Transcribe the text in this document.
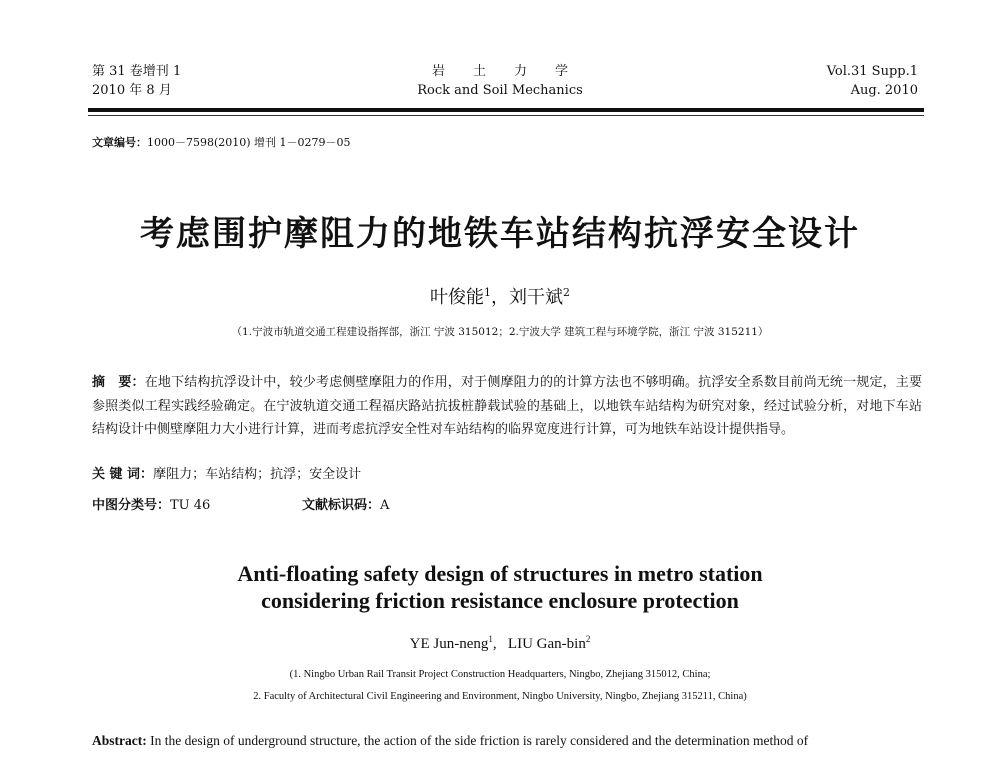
第 31 卷增刊 1
2010 年 8 月
岩土力学
Rock and Soil Mechanics
Vol.31 Supp.1
Aug. 2010
文章编号：1000－7598(2010) 增刊 1－0279－05
考虑围护摩阻力的地铁车站结构抗浮安全设计
叶俊能$^1$，刘干斌$^2$
（1.宁波市轨道交通工程建设指挥部，浙江 宁波 315012；2.宁波大学 建筑工程与环境学院，浙江 宁波 315211）
摘　要：在地下结构抗浮设计中，较少考虑侧壁摩阻力的作用，对于侧摩阻力的的计算方法也不够明确。抗浮安全系数目前尚无统一规定，主要参照类似工程实践经验确定。在宁波轨道交通工程福庆路站抗拔桩静载试验的基础上，以地铁车站结构为研究对象，经过试验分析，对地下车站结构设计中侧壁摩阻力大小进行计算，进而考虑抗浮安全性对车站结构的临界宽度进行计算，可为地铁车站设计提供指导。
关 键 词：摩阻力；车站结构；抗浮；安全设计
中图分类号：TU 46	文献标识码：A
Anti-floating safety design of structures in metro station
considering friction resistance enclosure protection
YE Jun-neng$^1$,   LIU Gan-bin$^2$
(1. Ningbo Urban Rail Transit Project Construction Headquarters, Ningbo, Zhejiang 315012, China;
2. Faculty of Architectural Civil Engineering and Environment, Ningbo University, Ningbo, Zhejiang 315211, China)
Abstract: In the design of underground structure, the action of the side friction is rarely considered and the determination method of
